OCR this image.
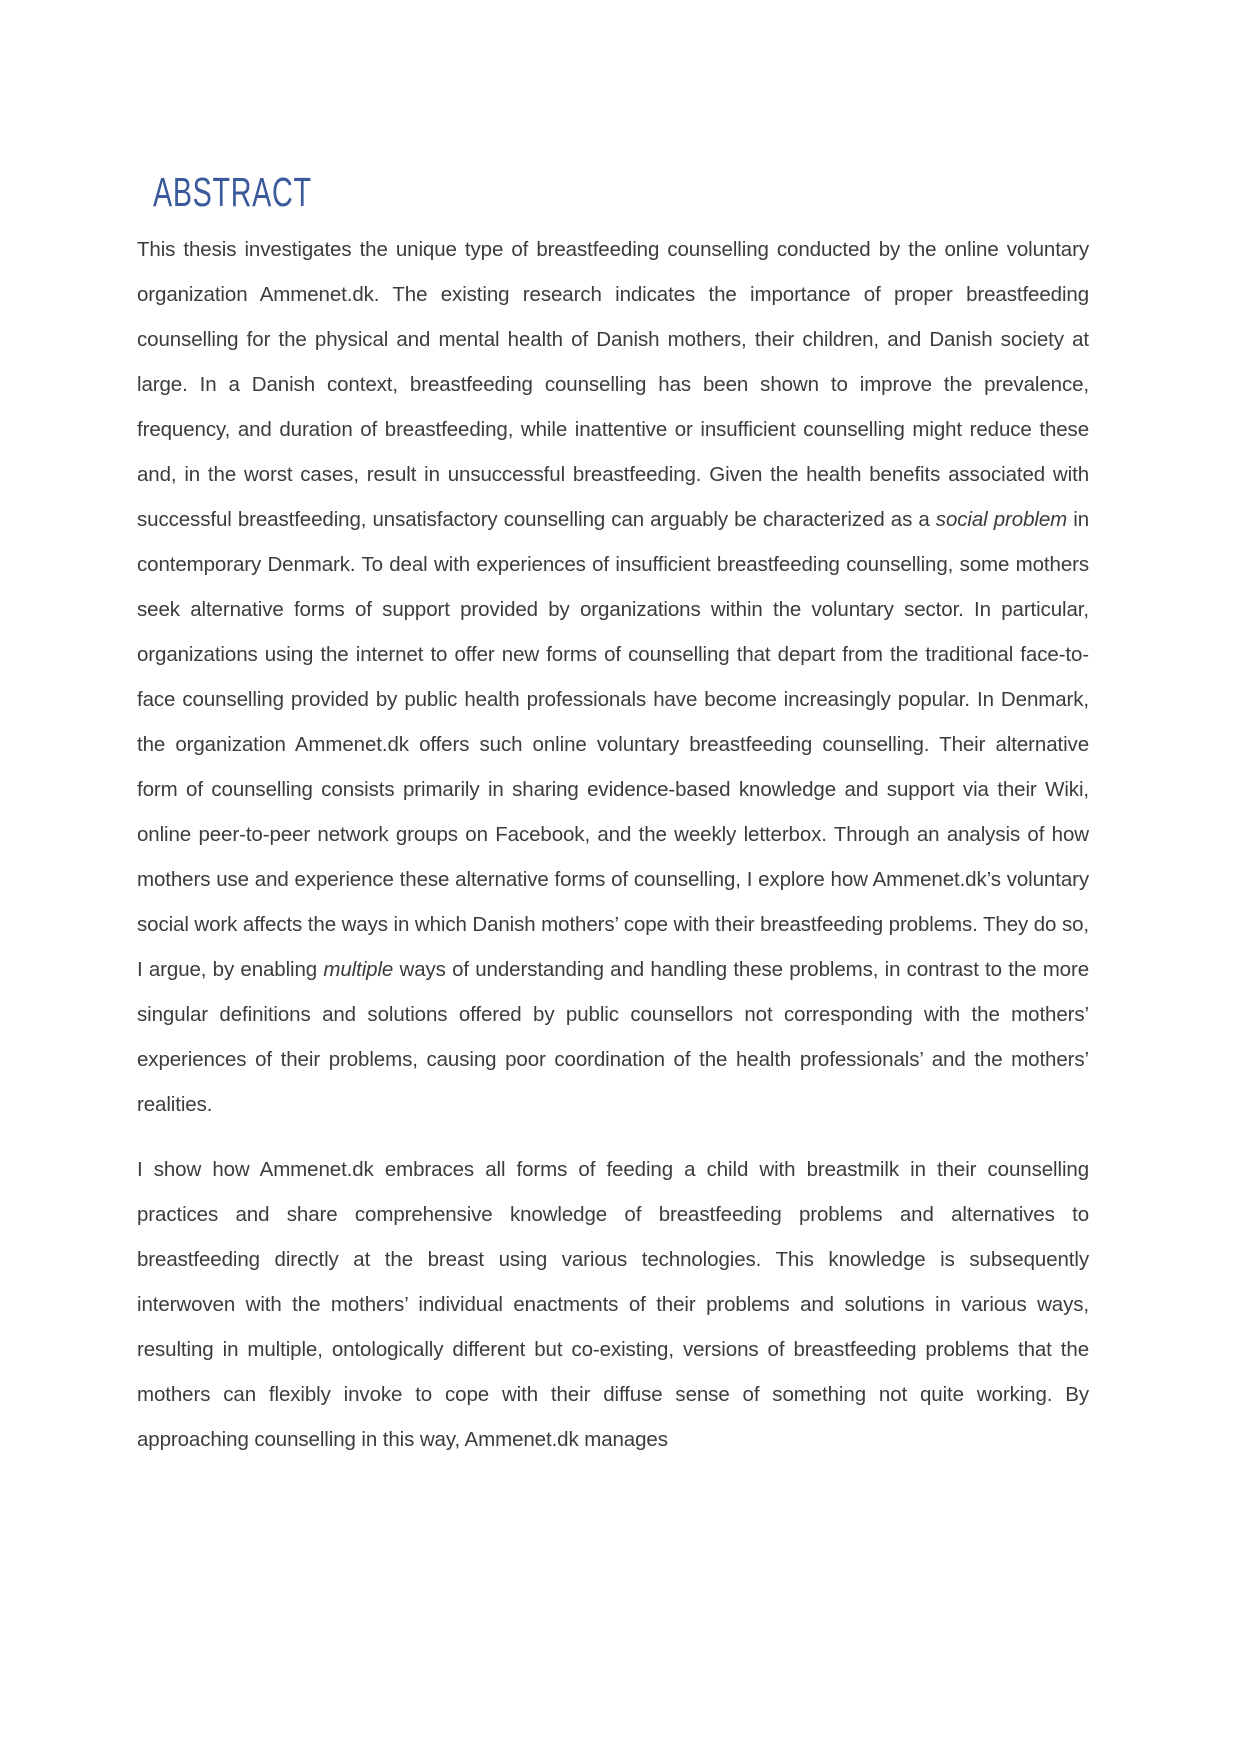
ABSTRACT

This thesis investigates the unique type of breastfeeding counselling conducted by the online voluntary organization Ammenet.dk. The existing research indicates the importance of proper breastfeeding counselling for the physical and mental health of Danish mothers, their children, and Danish society at large. In a Danish context, breastfeeding counselling has been shown to improve the prevalence, frequency, and duration of breastfeeding, while inattentive or insufficient counselling might reduce these and, in the worst cases, result in unsuccessful breastfeeding. Given the health benefits associated with successful breastfeeding, unsatisfactory counselling can arguably be characterized as a social problem in contemporary Denmark. To deal with experiences of insufficient breastfeeding counselling, some mothers seek alternative forms of support provided by organizations within the voluntary sector. In particular, organizations using the internet to offer new forms of counselling that depart from the traditional face-to-face counselling provided by public health professionals have become increasingly popular. In Denmark, the organization Ammenet.dk offers such online voluntary breastfeeding counselling. Their alternative form of counselling consists primarily in sharing evidence-based knowledge and support via their Wiki, online peer-to-peer network groups on Facebook, and the weekly letterbox. Through an analysis of how mothers use and experience these alternative forms of counselling, I explore how Ammenet.dk’s voluntary social work affects the ways in which Danish mothers’ cope with their breastfeeding problems. They do so, I argue, by enabling multiple ways of understanding and handling these problems, in contrast to the more singular definitions and solutions offered by public counsellors not corresponding with the mothers’ experiences of their problems, causing poor coordination of the health professionals’ and the mothers’ realities.

I show how Ammenet.dk embraces all forms of feeding a child with breastmilk in their counselling practices and share comprehensive knowledge of breastfeeding problems and alternatives to breastfeeding directly at the breast using various technologies. This knowledge is subsequently interwoven with the mothers’ individual enactments of their problems and solutions in various ways, resulting in multiple, ontologically different but co-existing, versions of breastfeeding problems that the mothers can flexibly invoke to cope with their diffuse sense of something not quite working. By approaching counselling in this way, Ammenet.dk manages
